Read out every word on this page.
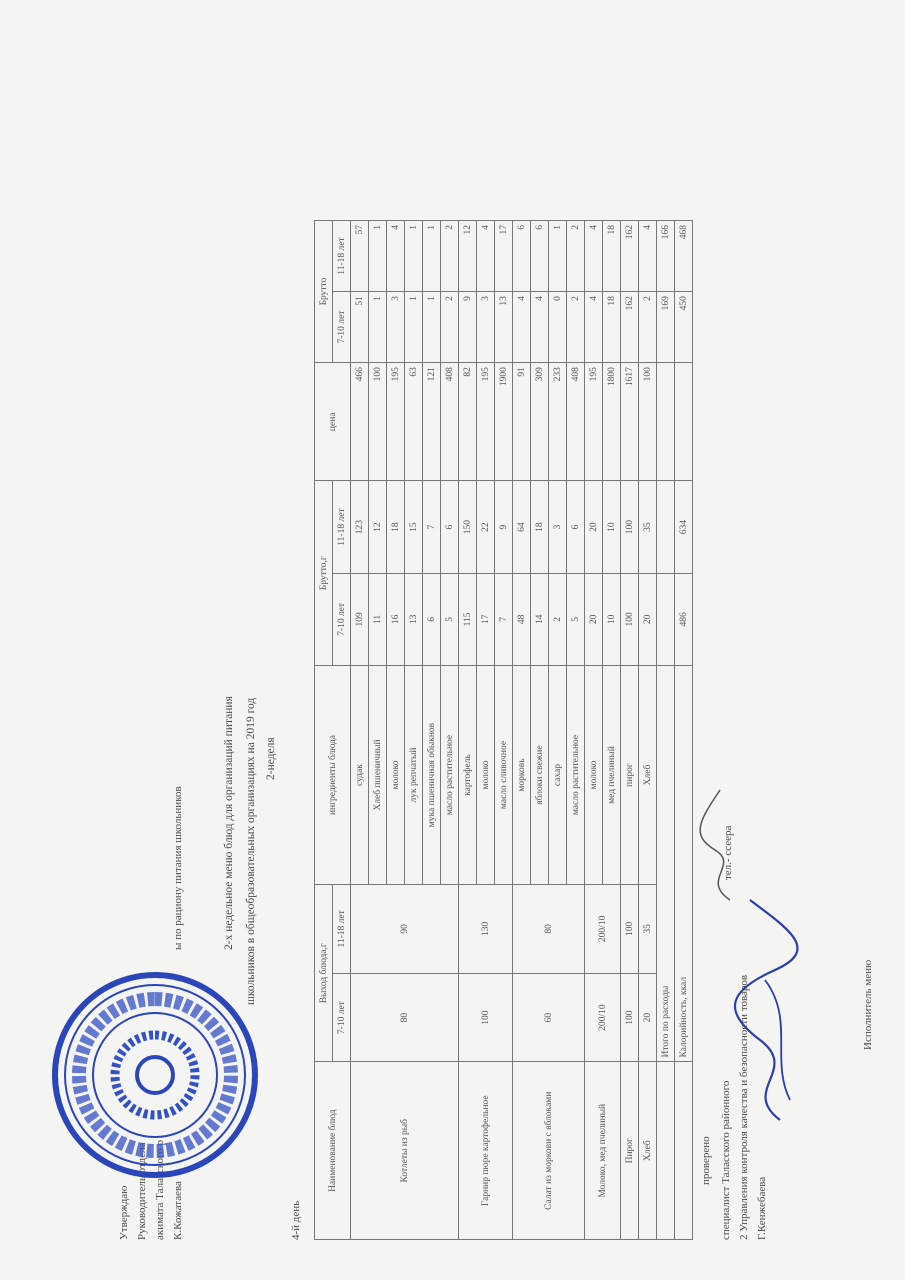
Утверждаю Руководитель отдела акимата Таласского р К.Кожатаева
ы по рациону питания школьников	2-х недельное меню блюд для организаций питания школьников в общеобразовательных организациях на 2019 год 2-неделя
4-й день
Наименование блюд	Выход блюда,г		ингредиенты блюда	Брутто,г		цена	Брутто	
	7-10 лет	11-18 лет		7-10 лет	11-18 лет		7-10 лет	11-18 лет
Котлеты из рыб	80	90	судак	109	123	466	51	57
			Хлеб пшеничный	11	12	100	1	1
			молоко	16	18	195	3	4
			лук репчатый	13	15	63	1	1
			мука пшеничная обыкнов	6	7	121	1	1
			масло растительное	5	6	408	2	2
Гарнир пюре картофельное	100	130	картофель	115	150	82	9	12
			молоко	17	22	195	3	4
			масло сливочное	7	9	1900	13	17
Салат из моркови с яблоками	60	80	морковь	48	64	91	4	6
			яблоки свежие	14	18	309	4	6
			сахар	2	3	233	0	1
			масло растительное	5	6	408	2	2
Молоко, мед пчелиный	200/10	200/10	молоко	20	20	195	4	4
			мед пчелиный	10	10	1800	18	18
Пирог	100	100	пирог	100	100	1617	162	162
Хлеб	20	35	Хлеб	20	35	100	2	4
	Итого по расходы						169	166
	Калорийность, ккал			486	634		450	468
Исполнитель меню
проверено специалист Таласского районного 2 Управления контроля качества и безопасности товаров Г.Кенжебаева
тел.- ссеера
